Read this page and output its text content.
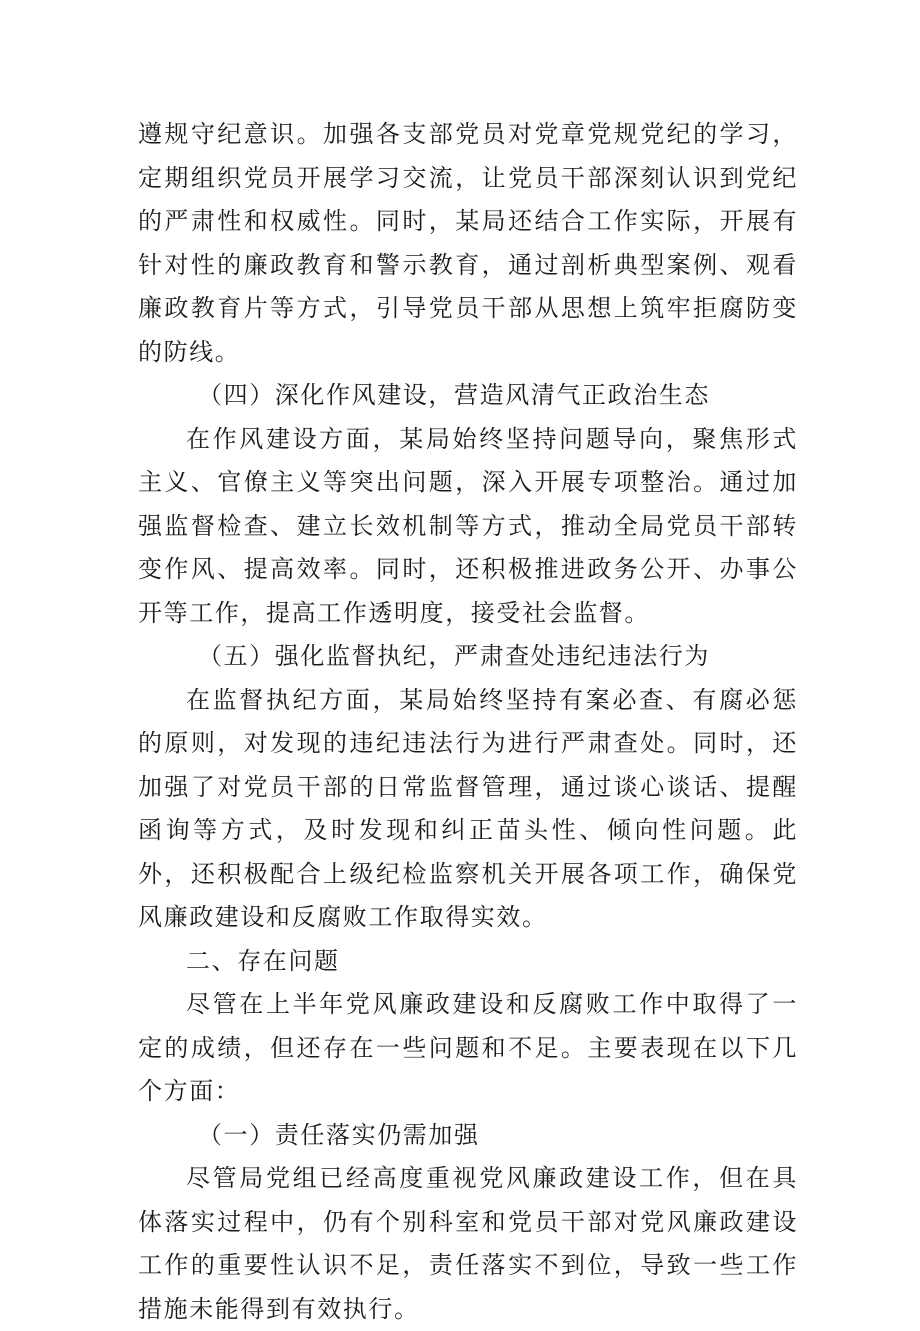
遵规守纪意识。加强各支部党员对党章党规党纪的学习，定期组织党员开展学习交流，让党员干部深刻认识到党纪的严肃性和权威性。同时，某局还结合工作实际，开展有针对性的廉政教育和警示教育，通过剖析典型案例、观看廉政教育片等方式，引导党员干部从思想上筑牢拒腐防变的防线。

（四）深化作风建设，营造风清气正政治生态

在作风建设方面，某局始终坚持问题导向，聚焦形式主义、官僚主义等突出问题，深入开展专项整治。通过加强监督检查、建立长效机制等方式，推动全局党员干部转变作风、提高效率。同时，还积极推进政务公开、办事公开等工作，提高工作透明度，接受社会监督。

（五）强化监督执纪，严肃查处违纪违法行为

在监督执纪方面，某局始终坚持有案必查、有腐必惩的原则，对发现的违纪违法行为进行严肃查处。同时，还加强了对党员干部的日常监督管理，通过谈心谈话、提醒函询等方式，及时发现和纠正苗头性、倾向性问题。此外，还积极配合上级纪检监察机关开展各项工作，确保党风廉政建设和反腐败工作取得实效。

二、存在问题

尽管在上半年党风廉政建设和反腐败工作中取得了一定的成绩，但还存在一些问题和不足。主要表现在以下几个方面：

（一）责任落实仍需加强

尽管局党组已经高度重视党风廉政建设工作，但在具体落实过程中，仍有个别科室和党员干部对党风廉政建设工作的重要性认识不足，责任落实不到位，导致一些工作措施未能得到有效执行。
